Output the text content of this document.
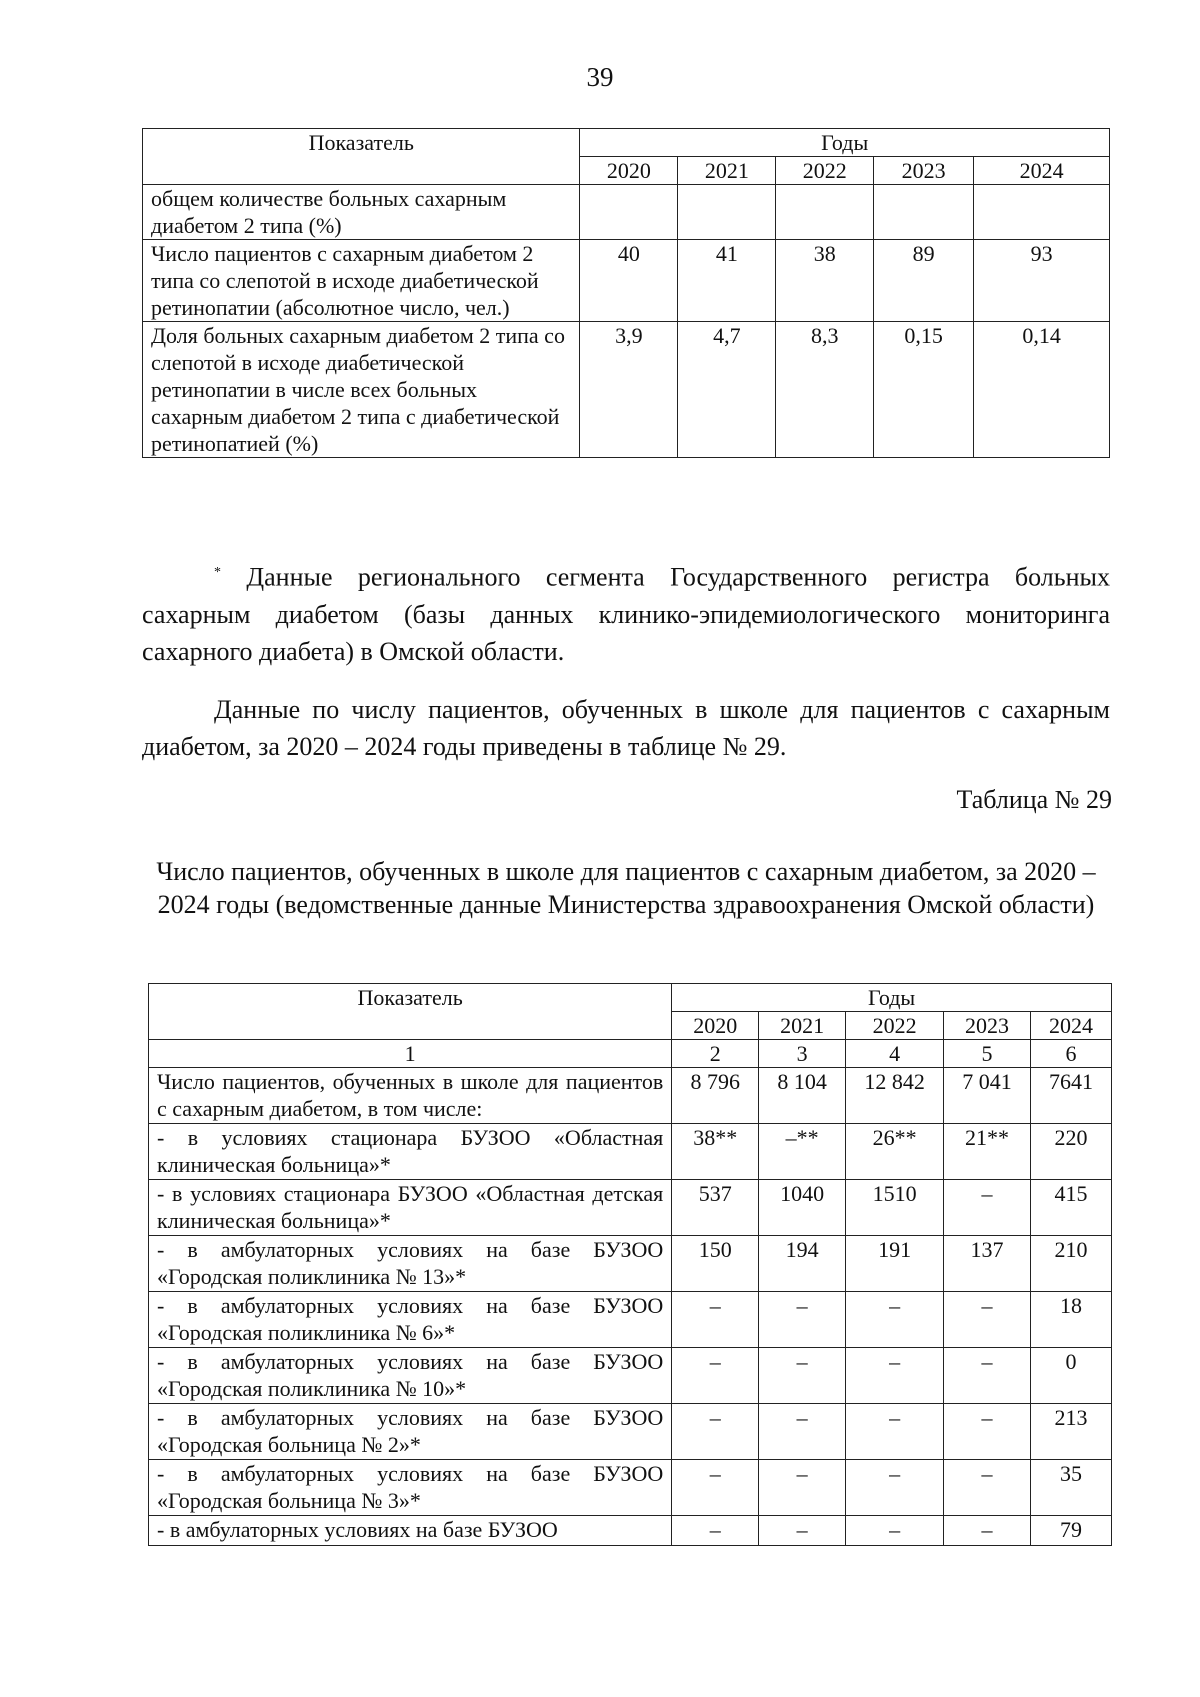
39
Показатель	Годы				
	2020	2021	2022	2023	2024
общем количестве больных сахарным диабетом 2 типа (%)					
Число пациентов с сахарным диабетом 2 типа со слепотой в исходе диабетической ретинопатии (абсолютное число, чел.)	40	41	38	89	93
Доля больных сахарным диабетом 2 типа со слепотой в исходе диабетической ретинопатии в числе всех больных сахарным диабетом 2 типа с диабетической ретинопатией (%)	3,9	4,7	8,3	0,15	0,14
* Данные регионального сегмента Государственного регистра больных сахарным диабетом (базы данных клинико-эпидемиологического мониторинга сахарного диабета) в Омской области.
Данные по числу пациентов, обученных в школе для пациентов с сахарным диабетом, за 2020 – 2024 годы приведены в таблице № 29.
Таблица № 29
Число пациентов, обученных в школе для пациентов с сахарным диабетом, за 2020 – 2024 годы (ведомственные данные Министерства здравоохранения Омской области)
Показатель	Годы				
	2020	2021	2022	2023	2024
1	2	3	4	5	6
Число пациентов, обученных в школе для пациентов с сахарным диабетом, в том числе:	8 796	8 104	12 842	7 041	7641
- в условиях стационара БУЗОО «Областная клиническая больница»*	38**	–**	26**	21**	220
- в условиях стационара БУЗОО «Областная детская клиническая больница»*	537	1040	1510	–	415
- в амбулаторных условиях на базе БУЗОО «Городская поликлиника № 13»*	150	194	191	137	210
- в амбулаторных условиях на базе БУЗОО «Городская поликлиника № 6»*	–	–	–	–	18
- в амбулаторных условиях на базе БУЗОО «Городская поликлиника № 10»*	–	–	–	–	0
- в амбулаторных условиях на базе БУЗОО «Городская больница № 2»*	–	–	–	–	213
- в амбулаторных условиях на базе БУЗОО «Городская больница № 3»*	–	–	–	–	35
- в амбулаторных условиях на базе БУЗОО	–	–	–	–	79
